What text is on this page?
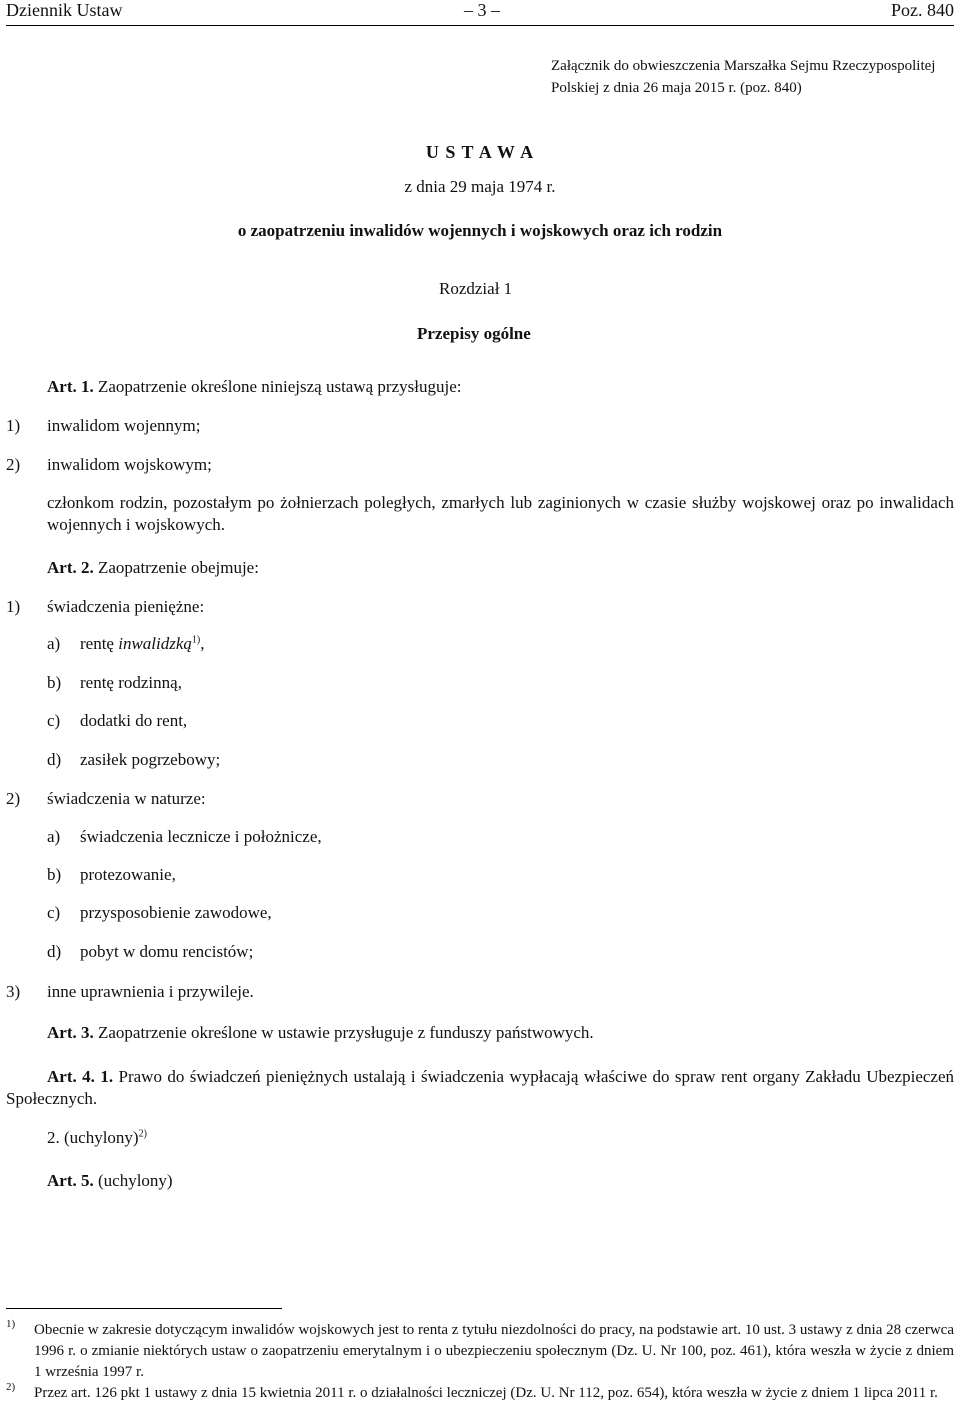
Dziennik Ustaw	– 3 –	Poz. 840
Załącznik do obwieszczenia Marszałka Sejmu Rzeczypospolitej Polskiej z dnia 26 maja 2015 r. (poz. 840)
U S T A W A
z dnia 29 maja 1974 r.
o zaopatrzeniu inwalidów wojennych i wojskowych oraz ich rodzin
Rozdział 1
Przepisy ogólne
Art. 1. Zaopatrzenie określone niniejszą ustawą przysługuje:
1) inwalidom wojennym;
2) inwalidom wojskowym;
członkom rodzin, pozostałym po żołnierzach poległych, zmarłych lub zaginionych w czasie służby wojskowej oraz po inwalidach wojennych i wojskowych.
Art. 2. Zaopatrzenie obejmuje:
1) świadczenia pieniężne:
a) rentę inwalidzką$^{1)}$,
b) rentę rodzinną,
c) dodatki do rent,
d) zasiłek pogrzebowy;
2) świadczenia w naturze:
a) świadczenia lecznicze i położnicze,
b) protezowanie,
c) przysposobienie zawodowe,
d) pobyt w domu rencistów;
3) inne uprawnienia i przywileje.
Art. 3. Zaopatrzenie określone w ustawie przysługuje z funduszy państwowych.
Art. 4. 1. Prawo do świadczeń pieniężnych ustalają i świadczenia wypłacają właściwe do spraw rent organy Zakładu Ubezpieczeń Społecznych.
2. (uchylony)$^{2)}$
Art. 5. (uchylony)
1) Obecnie w zakresie dotyczącym inwalidów wojskowych jest to renta z tytułu niezdolności do pracy, na podstawie art. 10 ust. 3 ustawy z dnia 28 czerwca 1996 r. o zmianie niektórych ustaw o zaopatrzeniu emerytalnym i o ubezpieczeniu społecznym (Dz. U. Nr 100, poz. 461), która weszła w życie z dniem 1 września 1997 r.
2) Przez art. 126 pkt 1 ustawy z dnia 15 kwietnia 2011 r. o działalności leczniczej (Dz. U. Nr 112, poz. 654), która weszła w życie z dniem 1 lipca 2011 r.
